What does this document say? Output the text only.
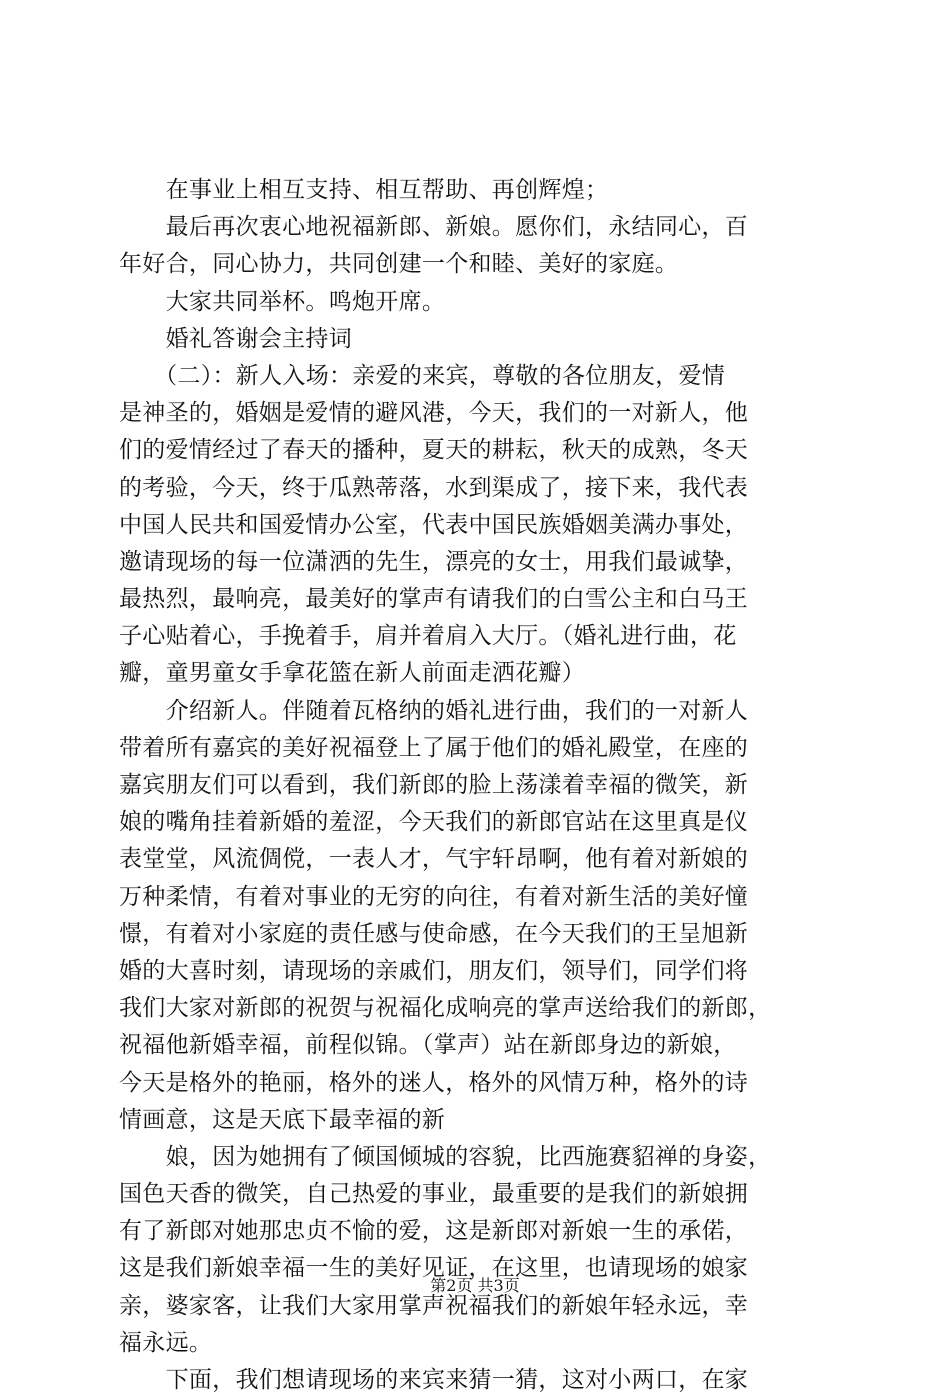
　　在事业上相互支持、相互帮助、再创辉煌；
　　最后再次衷心地祝福新郎、新娘。愿你们，永结同心，百
年好合，同心协力，共同创建一个和睦、美好的家庭。
　　大家共同举杯。鸣炮开席。
　　婚礼答谢会主持词
　　（二）：新人入场：亲爱的来宾，尊敬的各位朋友，爱情
是神圣的，婚姻是爱情的避风港，今天，我们的一对新人，他
们的爱情经过了春天的播种，夏天的耕耘，秋天的成熟，冬天
的考验，今天，终于瓜熟蒂落，水到渠成了，接下来，我代表
中国人民共和国爱情办公室，代表中国民族婚姻美满办事处，
邀请现场的每一位潇洒的先生，漂亮的女士，用我们最诚挚，
最热烈，最响亮，最美好的掌声有请我们的白雪公主和白马王
子心贴着心，手挽着手，肩并着肩入大厅。（婚礼进行曲，花
瓣，童男童女手拿花篮在新人前面走洒花瓣）
　　介绍新人。伴随着瓦格纳的婚礼进行曲，我们的一对新人
带着所有嘉宾的美好祝福登上了属于他们的婚礼殿堂，在座的
嘉宾朋友们可以看到，我们新郎的脸上荡漾着幸福的微笑，新
娘的嘴角挂着新婚的羞涩，今天我们的新郎官站在这里真是仪
表堂堂，风流倜傥，一表人才，气宇轩昂啊，他有着对新娘的
万种柔情，有着对事业的无穷的向往，有着对新生活的美好憧
憬，有着对小家庭的责任感与使命感，在今天我们的王呈旭新
婚的大喜时刻，请现场的亲戚们，朋友们，领导们，同学们将
我们大家对新郎的祝贺与祝福化成响亮的掌声送给我们的新郎，
祝福他新婚幸福，前程似锦。（掌声）站在新郎身边的新娘，
今天是格外的艳丽，格外的迷人，格外的风情万种，格外的诗
情画意，这是天底下最幸福的新
　　娘，因为她拥有了倾国倾城的容貌，比西施赛貂禅的身姿，
国色天香的微笑，自己热爱的事业，最重要的是我们的新娘拥
有了新郎对她那忠贞不愉的爱，这是新郎对新娘一生的承偌，
这是我们新娘幸福一生的美好见证，在这里，也请现场的娘家
亲，婆家客，让我们大家用掌声祝福我们的新娘年轻永远，幸
福永远。
　　下面，我们想请现场的来宾来猜一猜，这对小两口，在家
第2页 共3页
